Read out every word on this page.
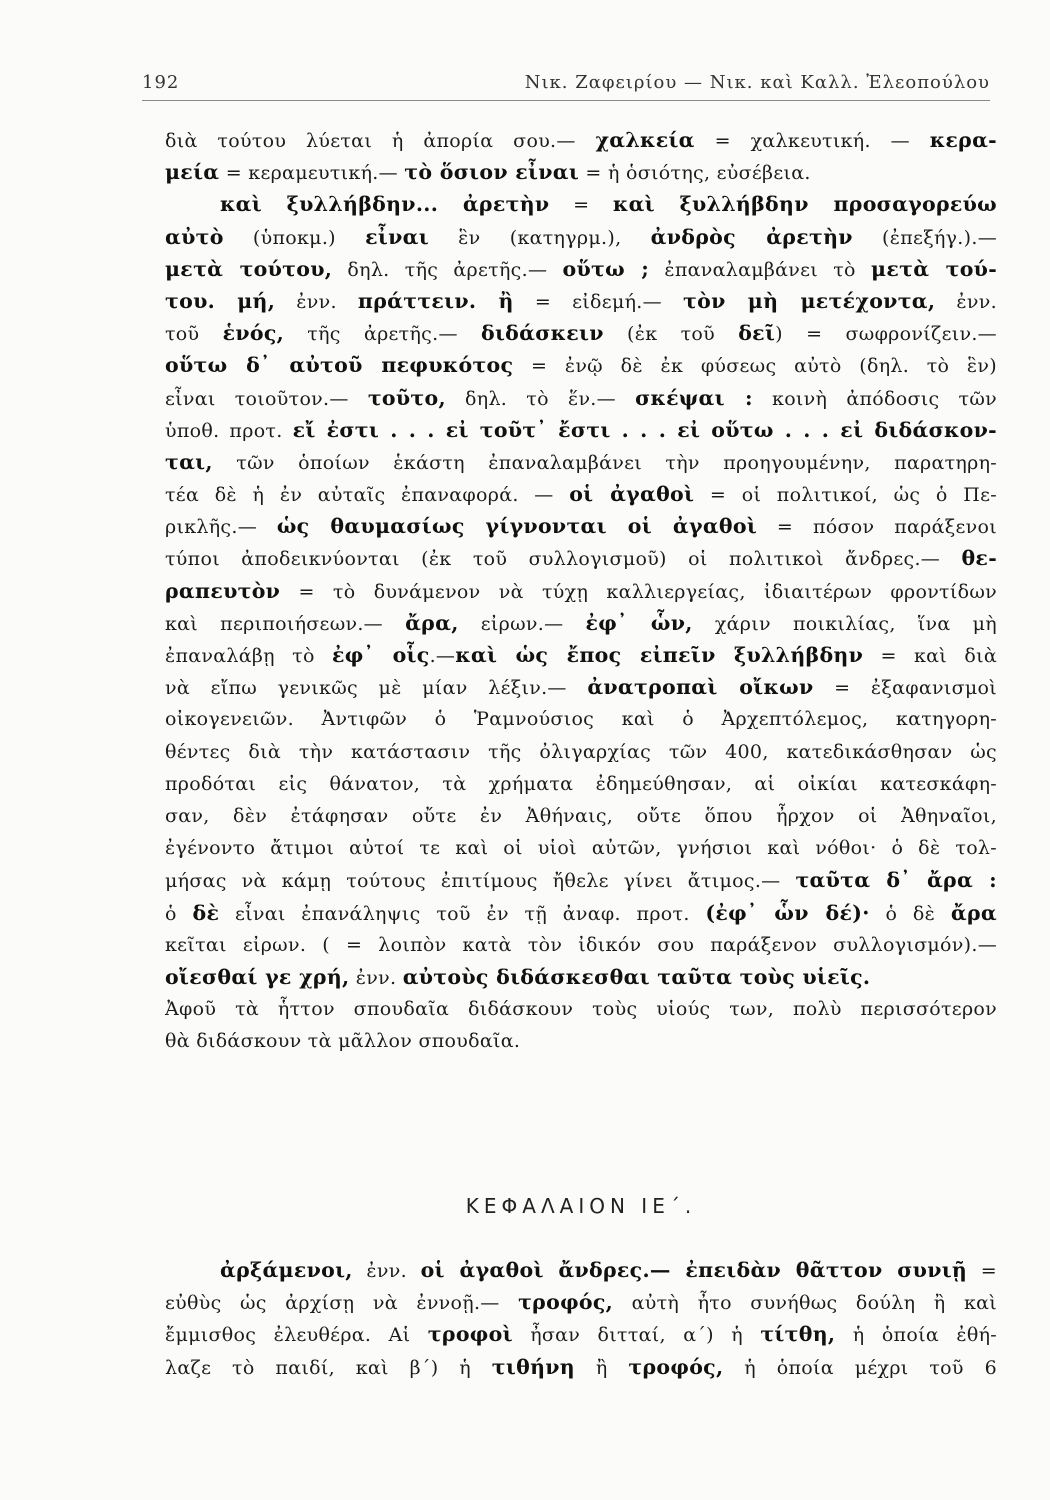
192	Νικ. Ζαφειρίου — Νικ. καὶ Καλλ. Ἐλεοπούλου
διὰ τούτου λύεται ἡ ἀπορία σου.— χαλκεία = χαλκευτική. — κερα-
μεία = κεραμευτική.— τὸ ὅσιον εἶναι = ἡ ὁσιότης, εὐσέβεια.
καὶ ξυλλήβδην... ἀρετὴν = καὶ ξυλλήβδην προσαγορεύω
αὐτὸ (ὑποκμ.) εἶναι ἓν (κατηγρμ.), ἀνδρὸς ἀρετὴν (ἐπεξήγ.).—
μετὰ τούτου, δηλ. τῆς ἀρετῆς.— οὕτω ; ἐπαναλαμβάνει τὸ μετὰ τού-
του. μή, ἐνν. πράττειν. ἢ = εἰδεμή.— τὸν μὴ μετέχοντα, ἐνν.
τοῦ ἑνός, τῆς ἀρετῆς.— διδάσκειν (ἐκ τοῦ δεῖ) = σωφρονίζειν.—
οὕτω δ᾽ αὐτοῦ πεφυκότος = ἐνῷ δὲ ἐκ φύσεως αὐτὸ (δηλ. τὸ ἓν)
εἶναι τοιοῦτον.— τοῦτο, δηλ. τὸ ἕν.— σκέψαι : κοινὴ ἀπόδοσις τῶν
ὑποθ. προτ. εἴ ἐστι . . . εἰ τοῦτ᾽ ἔστι . . . εἰ οὕτω . . . εἰ διδάσκον-
ται, τῶν ὁποίων ἑκάστη ἐπαναλαμβάνει τὴν προηγουμένην, παρατηρη-
τέα δὲ ἡ ἐν αὐταῖς ἐπαναφορά. — οἱ ἀγαθοὶ = οἱ πολιτικοί, ὡς ὁ Πε-
ρικλῆς.— ὡς θαυμασίως γίγνονται οἱ ἀγαθοὶ = πόσον παράξενοι
τύποι ἀποδεικνύονται (ἐκ τοῦ συλλογισμοῦ) οἱ πολιτικοὶ ἄνδρες.— θε-
ραπευτὸν = τὸ δυνάμενον νὰ τύχῃ καλλιεργείας, ἰδιαιτέρων φροντίδων
καὶ περιποιήσεων.— ἄρα, εἰρων.— ἐφ᾽ ὧν, χάριν ποικιλίας, ἵνα μὴ
ἐπαναλάβῃ τὸ ἐφ᾽ οἷς.—καὶ ὡς ἔπος εἰπεῖν ξυλλήβδην = καὶ διὰ
νὰ εἴπω γενικῶς μὲ μίαν λέξιν.— ἀνατροπαὶ οἴκων = ἐξαφανισμοὶ
οἰκογενειῶν. Ἀντιφῶν ὁ Ῥαμνούσιος καὶ ὁ Ἀρχεπτόλεμος, κατηγορη-
θέντες διὰ τὴν κατάστασιν τῆς ὀλιγαρχίας τῶν 400, κατεδικάσθησαν ὡς
προδόται εἰς θάνατον, τὰ χρήματα ἐδημεύθησαν, αἱ οἰκίαι κατεσκάφη-
σαν, δὲν ἐτάφησαν οὔτε ἐν Ἀθήναις, οὔτε ὅπου ἦρχον οἱ Ἀθηναῖοι,
ἐγένοντο ἄτιμοι αὐτοί τε καὶ οἱ υἱοὶ αὐτῶν, γνήσιοι καὶ νόθοι· ὁ δὲ τολ-
μήσας νὰ κάμῃ τούτους ἐπιτίμους ἤθελε γίνει ἄτιμος.— ταῦτα δ᾽ ἄρα :
ὁ δὲ εἶναι ἐπανάληψις τοῦ ἐν τῇ ἀναφ. προτ. (ἐφ᾽ ὧν δέ)· ὁ δὲ ἄρα
κεῖται εἰρων. ( = λοιπὸν κατὰ τὸν ἰδικόν σου παράξενον συλλογισμόν).—
οἴεσθαί γε χρή, ἐνν. αὐτοὺς διδάσκεσθαι ταῦτα τοὺς υἱεῖς.
Ἀφοῦ τὰ ἧττον σπουδαῖα διδάσκουν τοὺς υἱούς των, πολὺ περισσότερον
θὰ διδάσκουν τὰ μᾶλλον σπουδαῖα.
ΚΕΦΑΛΑΙΟΝ ΙΕ΄.
ἀρξάμενοι, ἐνν. οἱ ἀγαθοὶ ἄνδρες.— ἐπειδὰν θᾶττον συνιῇ =
εὐθὺς ὡς ἀρχίσῃ νὰ ἐννοῇ.— τροφός, αὐτὴ ἦτο συνήθως δούλη ἢ καὶ
ἔμμισθος ἐλευθέρα. Αἱ τροφοὶ ἦσαν διτταί, α΄) ἡ τίτθη, ἡ ὁποία ἐθή-
λαζε τὸ παιδί, καὶ β΄) ἡ τιθήνη ἢ τροφός, ἡ ὁποία μέχρι τοῦ 6
